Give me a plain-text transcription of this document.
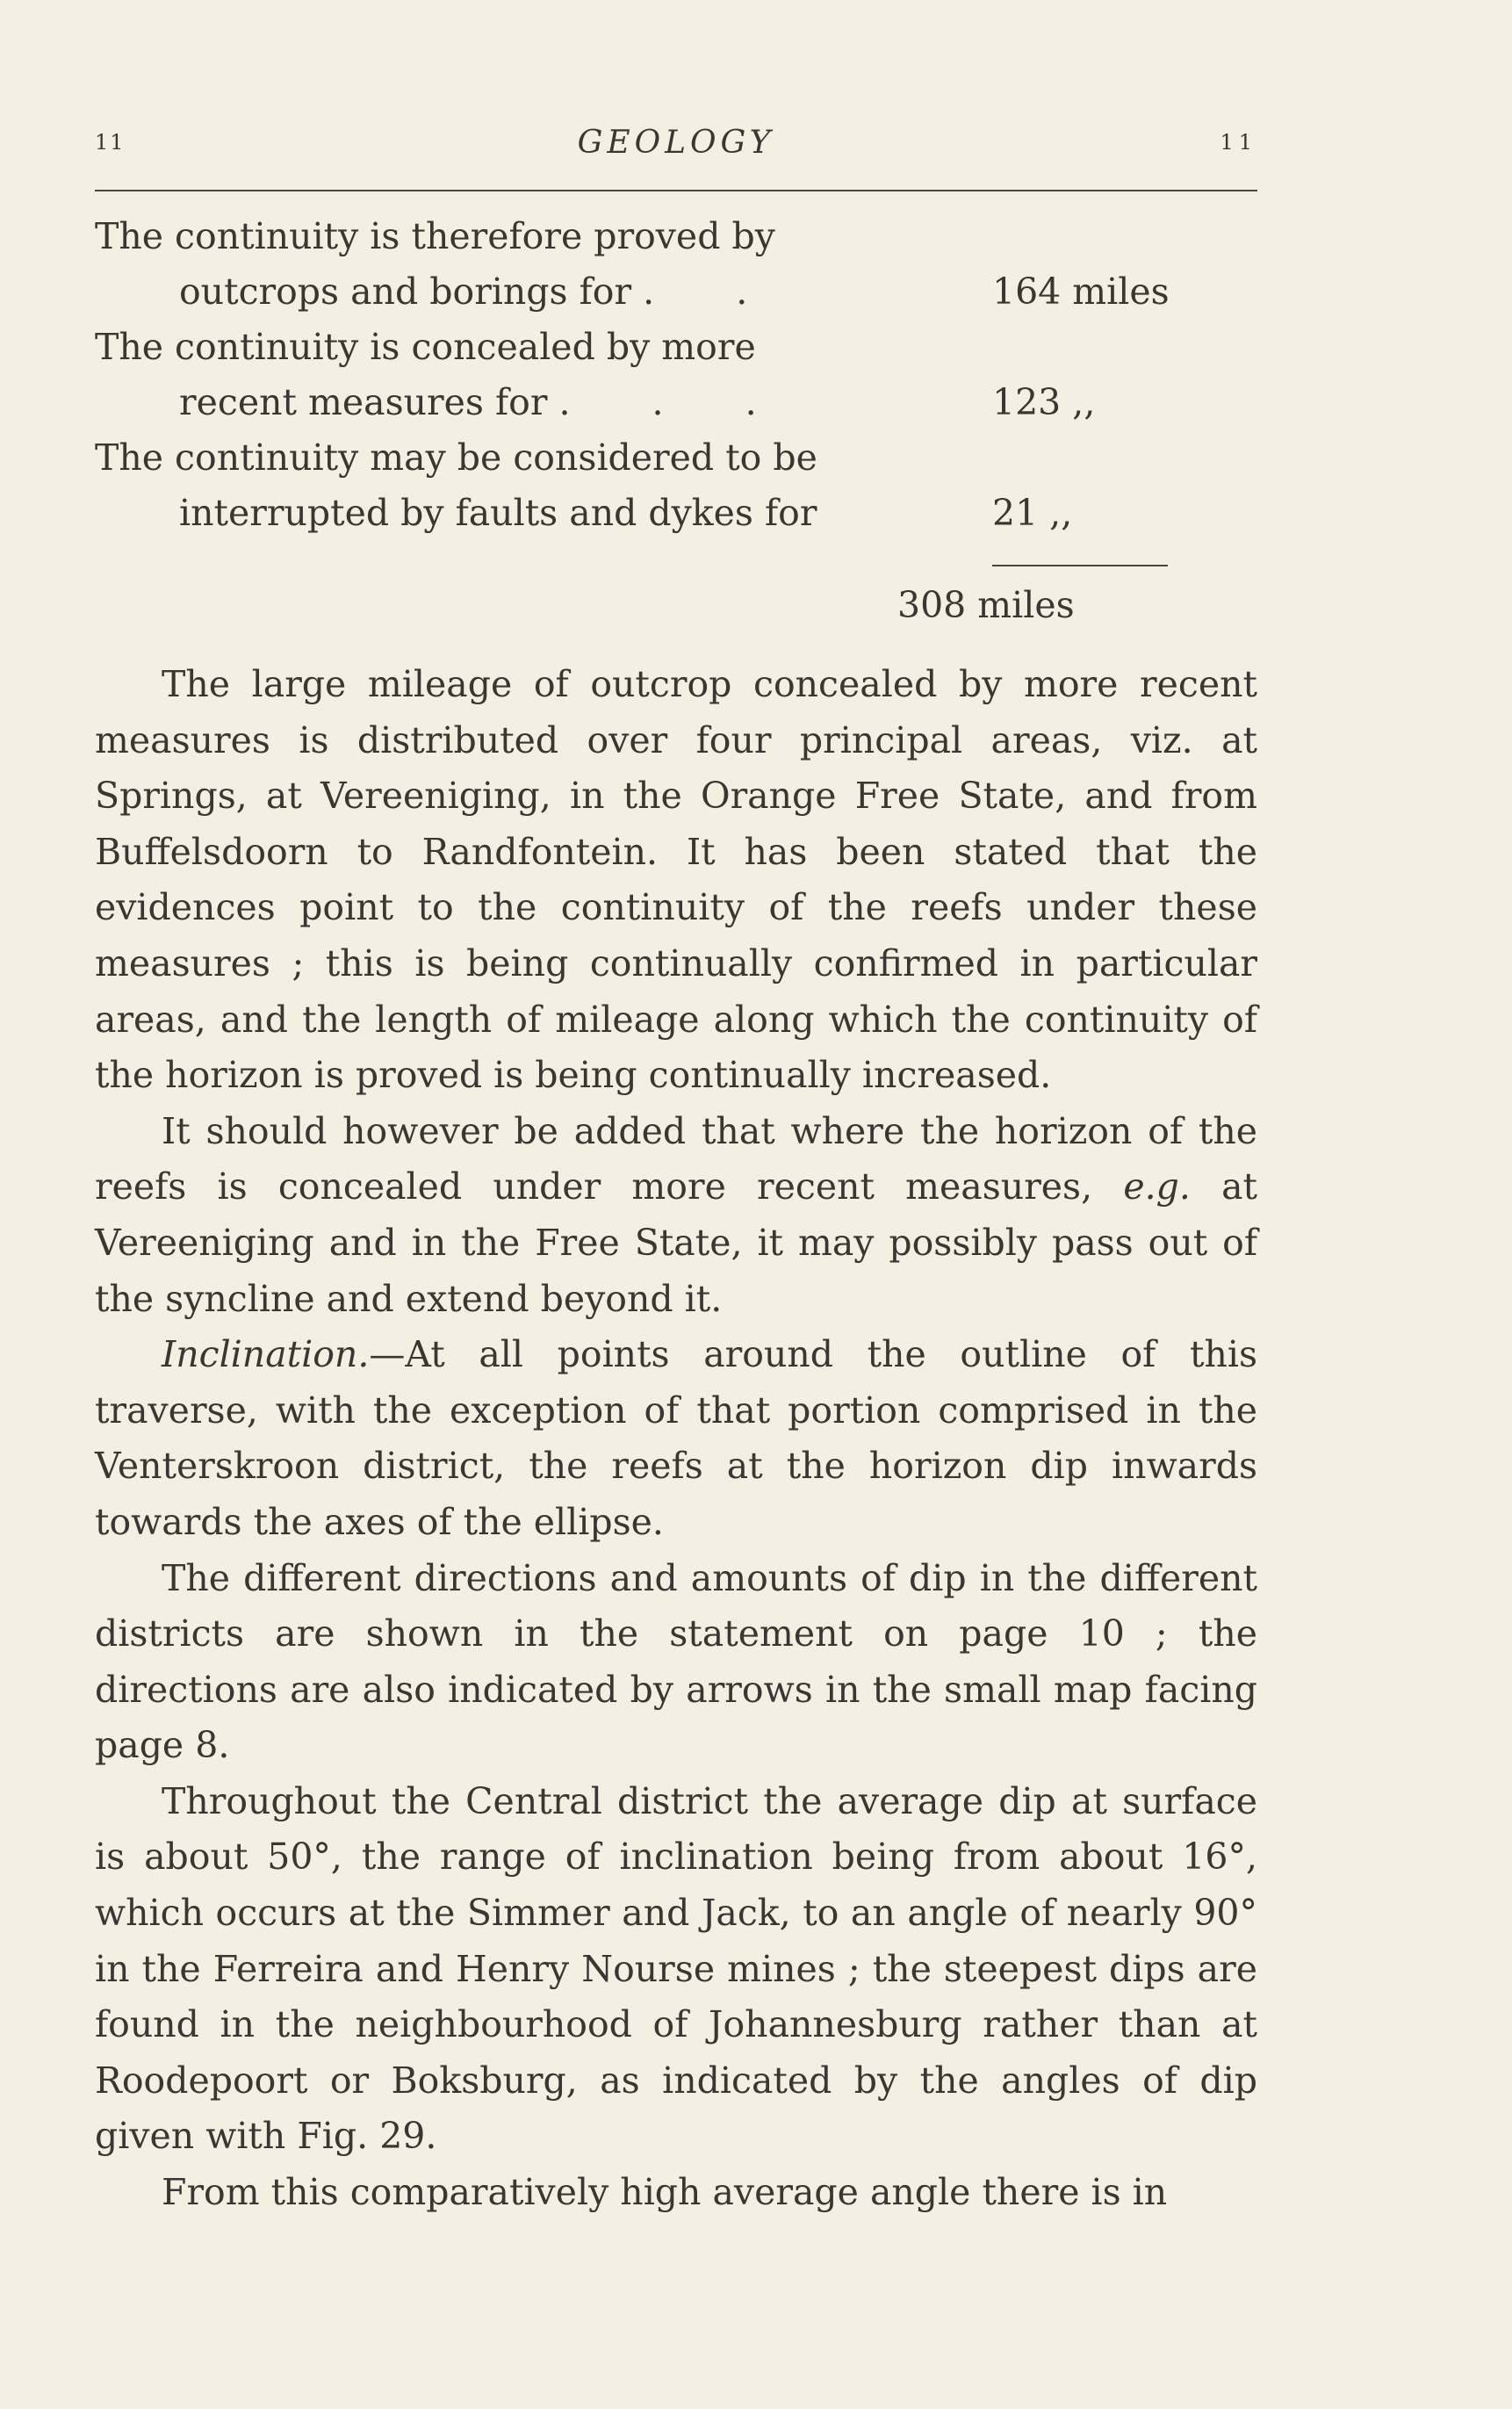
11	GEOLOGY	11
The continuity is therefore proved by
outcrops and borings for . .	164 miles
The continuity is concealed by more
recent measures for . . .	123 ,,
The continuity may be considered to be
interrupted by faults and dykes for	21 ,,
308 miles

The large mileage of outcrop concealed by more recent measures is distributed over four principal areas, viz. at Springs, at Vereeniging, in the Orange Free State, and from Buffelsdoorn to Randfontein. It has been stated that the evidences point to the continuity of the reefs under these measures ; this is being continually confirmed in particular areas, and the length of mileage along which the continuity of the horizon is proved is being continually increased.

It should however be added that where the horizon of the reefs is concealed under more recent measures, e.g. at Vereeniging and in the Free State, it may possibly pass out of the syncline and extend beyond it.

Inclination.—At all points around the outline of this traverse, with the exception of that portion comprised in the Venterskroon district, the reefs at the horizon dip inwards towards the axes of the ellipse.

The different directions and amounts of dip in the different districts are shown in the statement on page 10 ; the directions are also indicated by arrows in the small map facing page 8.

Throughout the Central district the average dip at surface is about 50°, the range of inclination being from about 16°, which occurs at the Simmer and Jack, to an angle of nearly 90° in the Ferreira and Henry Nourse mines ; the steepest dips are found in the neighbourhood of Johannesburg rather than at Roodepoort or Boksburg, as indicated by the angles of dip given with Fig. 29.

From this comparatively high average angle there is in
